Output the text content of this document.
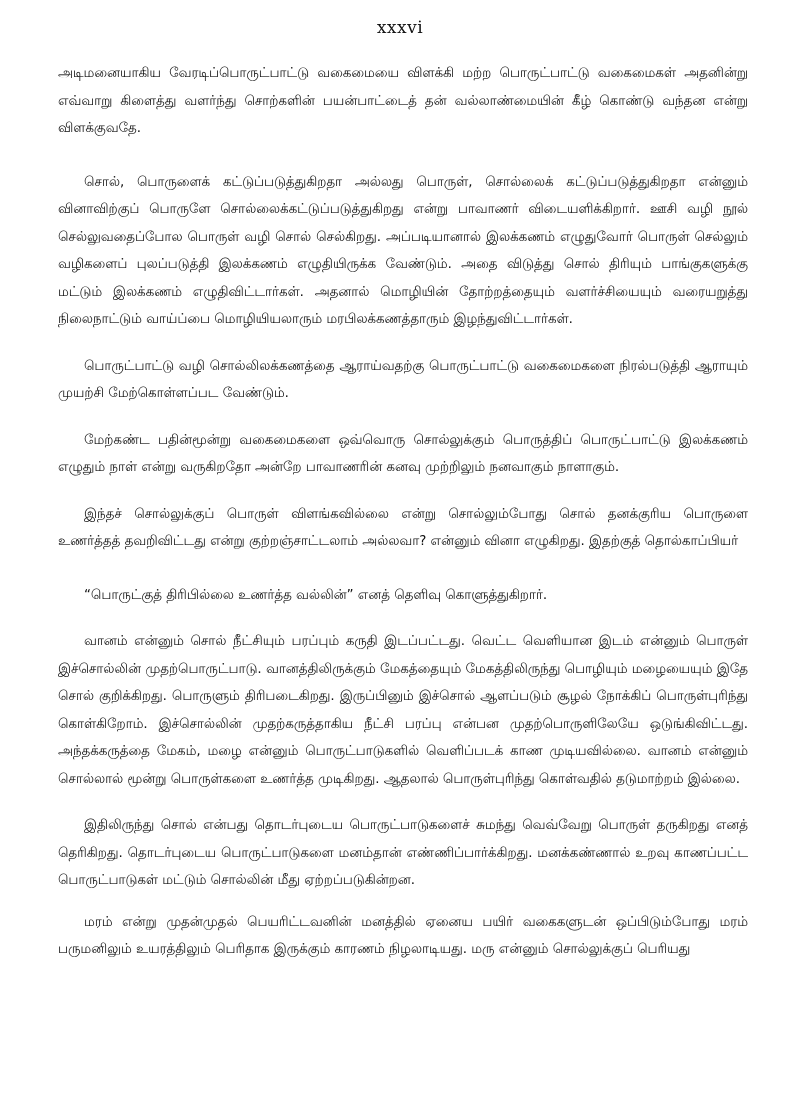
xxxvi

அடிமனையாகிய வேரடிப்பொருட்பாட்டு வகைமையை விளக்கி மற்ற பொருட்பாட்டு வகைமைகள் அதனின்று எவ்வாறு கிளைத்து வளர்ந்து சொற்களின் பயன்பாட்டைத் தன் வல்லாண்மையின் கீழ் கொண்டு வந்தன என்று விளக்குவதே.

சொல், பொருளைக் கட்டுப்படுத்துகிறதா அல்லது பொருள், சொல்லைக் கட்டுப்படுத்துகிறதா என்னும் வினாவிற்குப் பொருளே சொல்லைக்கட்டுப்படுத்துகிறது என்று பாவாணர் விடையளிக்கிறார். ஊசி வழி நூல் செல்லுவதைப்போல பொருள் வழி சொல் செல்கிறது. அப்படியானால் இலக்கணம் எழுதுவோர் பொருள் செல்லும் வழிகளைப் புலப்படுத்தி இலக்கணம் எழுதியிருக்க வேண்டும். அதை விடுத்து சொல் திரியும் பாங்குகளுக்கு மட்டும் இலக்கணம் எழுதிவிட்டார்கள். அதனால் மொழியின் தோற்றத்தையும் வளர்ச்சியையும் வரையறுத்து நிலைநாட்டும் வாய்ப்பை மொழியியலாரும் மரபிலக்கணத்தாரும் இழந்துவிட்டார்கள்.

பொருட்பாட்டு வழி சொல்லிலக்கணத்தை ஆராய்வதற்கு பொருட்பாட்டு வகைமைகளை நிரல்படுத்தி ஆராயும் முயற்சி மேற்கொள்ளப்பட வேண்டும்.

மேற்கண்ட பதின்மூன்று வகைமைகளை ஒவ்வொரு சொல்லுக்கும் பொருத்திப் பொருட்பாட்டு இலக்கணம் எழுதும் நாள் என்று வருகிறதோ அன்றே பாவாணரின் கனவு முற்றிலும் நனவாகும் நாளாகும்.

இந்தச் சொல்லுக்குப் பொருள் விளங்கவில்லை என்று சொல்லும்போது சொல் தனக்குரிய பொருளை உணர்த்தத் தவறிவிட்டது என்று குற்றஞ்சாட்டலாம் அல்லவா? என்னும் வினா எழுகிறது. இதற்குத் தொல்காப்பியர்

“பொருட்குத் திரிபில்லை உணர்த்த வல்லின்” எனத் தெளிவு கொளுத்துகிறார்.

வானம் என்னும் சொல் நீட்சியும் பரப்பும் கருதி இடப்பட்டது. வெட்ட வெளியான இடம் என்னும் பொருள் இச்சொல்லின் முதற்பொருட்பாடு. வானத்திலிருக்கும் மேகத்தையும் மேகத்திலிருந்து பொழியும் மழையையும் இதே சொல் குறிக்கிறது. பொருளும் திரிபடைகிறது. இருப்பினும் இச்சொல் ஆளப்படும் சூழல் நோக்கிப் பொருள்புரிந்து கொள்கிறோம். இச்சொல்லின் முதற்கருத்தாகிய நீட்சி பரப்பு என்பன முதற்பொருளிலேயே ஒடுங்கிவிட்டது. அந்தக்கருத்தை மேகம், மழை என்னும் பொருட்பாடுகளில் வெளிப்படக் காண முடியவில்லை. வானம் என்னும் சொல்லால் மூன்று பொருள்களை உணர்த்த முடிகிறது. ஆதலால் பொருள்புரிந்து கொள்வதில் தடுமாற்றம் இல்லை.

இதிலிருந்து சொல் என்பது தொடர்புடைய பொருட்பாடுகளைச் சுமந்து வெவ்வேறு பொருள் தருகிறது எனத் தெரிகிறது. தொடர்புடைய பொருட்பாடுகளை மனம்தான் எண்ணிப்பார்க்கிறது. மனக்கண்ணால் உறவு காணப்பட்ட பொருட்பாடுகள் மட்டும் சொல்லின் மீது ஏற்றப்படுகின்றன.

மரம் என்று முதன்முதல் பெயரிட்டவனின் மனத்தில் ஏனைய பயிர் வகைகளுடன் ஒப்பிடும்போது மரம் பருமனிலும் உயரத்திலும் பெரிதாக இருக்கும் காரணம் நிழலாடியது. மரு என்னும் சொல்லுக்குப் பெரியது
